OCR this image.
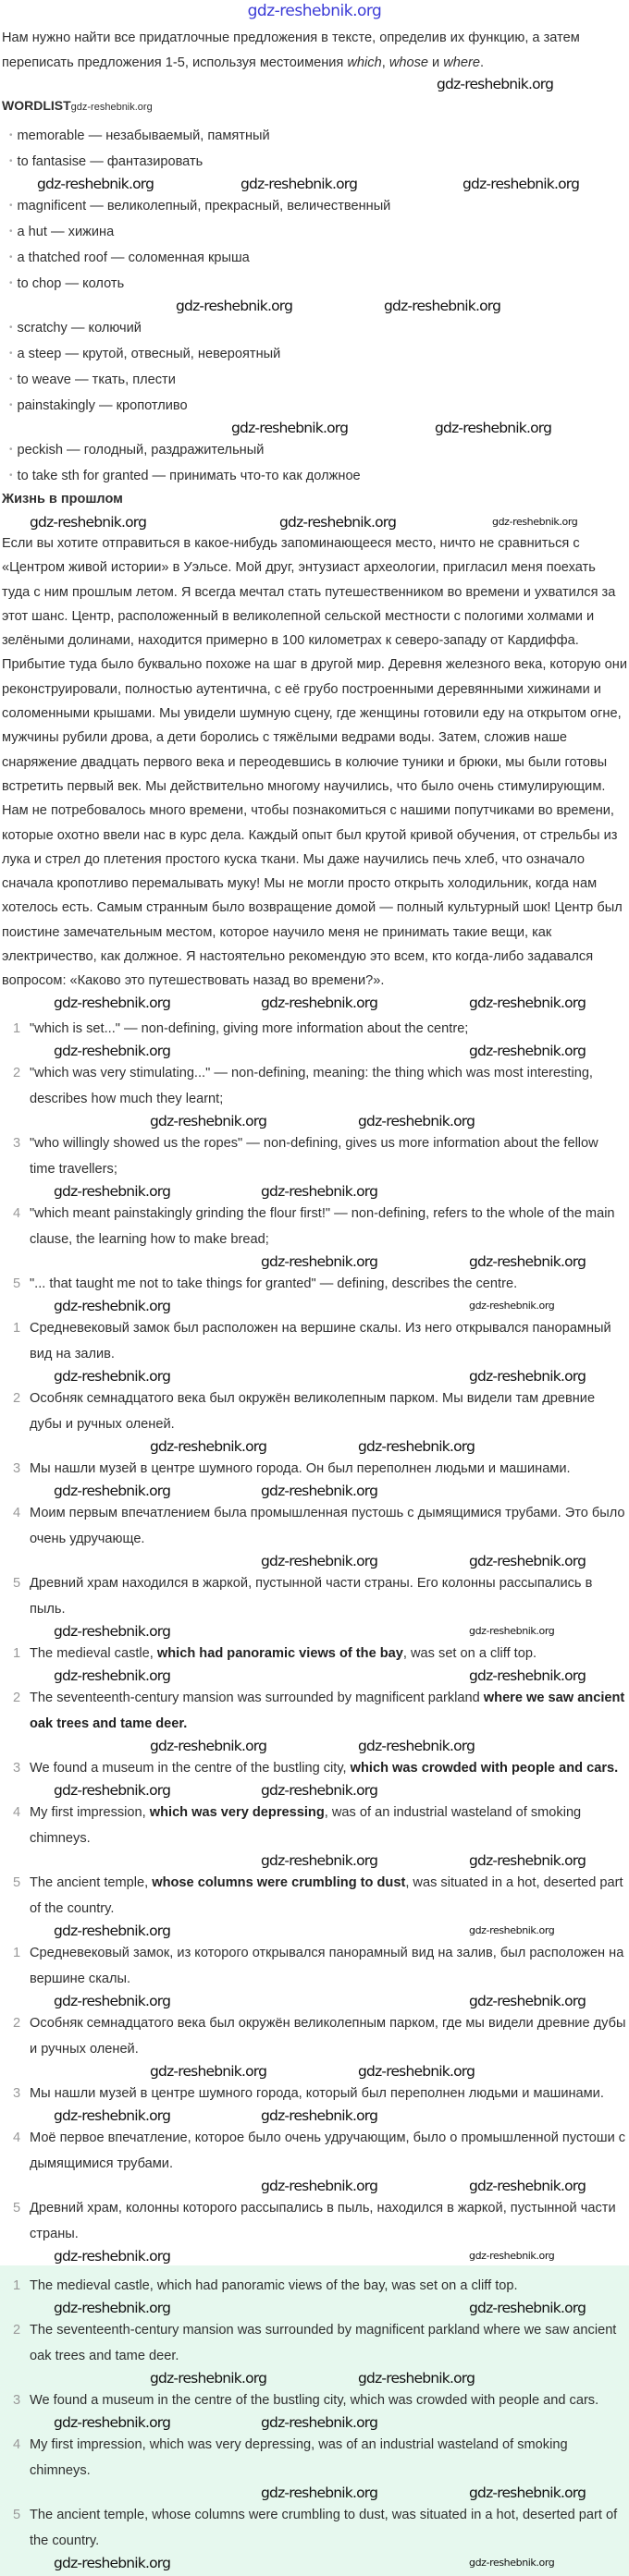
gdz-reshebnik.org

Нам нужно найти все придатлочные предложения в тексте, определив их функцию, а затем переписать предложения 1-5, используя местоимения which, whose и where.

gdz-reshebnik.org
WORDLISTgdz-reshebnik.org
• memorable — незабываемый, памятный
• to fantasise — фантазировать
gdz-reshebnik.org	gdz-reshebnik.org	gdz-reshebnik.org
• magnificent — великолепный, прекрасный, величественный
• a hut — хижина
• a thatched roof — соломенная крыша
• to chop — колоть
gdz-reshebnik.org	gdz-reshebnik.org
• scratchy — колючий
• a steep — крутой, отвесный, невероятный
• to weave — ткать, плести
• painstakingly — кропотливо
gdz-reshebnik.org	gdz-reshebnik.org
• peckish — голодный, раздражительный
• to take sth for granted — принимать что-то как должное
Жизнь в прошлом
gdz-reshebnik.org	gdz-reshebnik.org	gdz-reshebnik.org

Если вы хотите отправиться в какое-нибудь запоминающееся место, ничто не сравниться с «Центром живой истории» в Уэльсе. Мой друг, энтузиаст археологии, пригласил меня поехать туда с ним прошлым летом. Я всегда мечтал стать путешественником во времени и ухватился за этот шанс. Центр, расположенный в великолепной сельской местности с пологими холмами и зелёными долинами, находится примерно в 100 километрах к северо-западу от Кардиффа. Прибытие туда было буквально похоже на шаг в другой мир. Деревня железного века, которую они реконструировали, полностью аутентична, с её грубо построенными деревянными хижинами и соломенными крышами. Мы увидели шумную сцену, где женщины готовили еду на открытом огне, мужчины рубили дрова, а дети боролись с тяжёлыми ведрами воды. Затем, сложив наше снаряжение двадцать первого века и переодевшись в колючие туники и брюки, мы были готовы встретить первый век. Мы действительно многому научились, что было очень стимулирующим. Нам не потребовалось много времени, чтобы познакомиться с нашими попутчиками во времени, которые охотно ввели нас в курс дела. Каждый опыт был крутой кривой обучения, от стрельбы из лука и стрел до плетения простого куска ткани. Мы даже научились печь хлеб, что означало сначала кропотливо перемалывать муку! Мы не могли просто открыть холодильник, когда нам хотелось есть. Самым странным было возвращение домой — полный культурный шок! Центр был поистине замечательным местом, которое научило меня не принимать такие вещи, как электричество, как должное. Я настоятельно рекомендую это всем, кто когда-либо задавался вопросом: «Каково это путешествовать назад во времени?».

gdz-reshebnik.org	gdz-reshebnik.org	gdz-reshebnik.org
1 "which is set..." — non-defining, giving more information about the centre;
gdz-reshebnik.org	gdz-reshebnik.org
2 "which was very stimulating..." — non-defining, meaning: the thing which was most interesting, describes how much they learnt;
gdz-reshebnik.org	gdz-reshebnik.org
3 "who willingly showed us the ropes" — non-defining, gives us more information about the fellow time travellers;
gdz-reshebnik.org	gdz-reshebnik.org
4 "which meant painstakingly grinding the flour first!" — non-defining, refers to the whole of the main clause, the learning how to make bread;
gdz-reshebnik.org	gdz-reshebnik.org
5 "... that taught me not to take things for granted" — defining, describes the centre.
gdz-reshebnik.org	gdz-reshebnik.org
1 Средневековый замок был расположен на вершине скалы. Из него открывался панорамный вид на залив.
gdz-reshebnik.org	gdz-reshebnik.org
2 Особняк семнадцатого века был окружён великолепным парком. Мы видели там древние дубы и ручных оленей.
gdz-reshebnik.org	gdz-reshebnik.org
3 Мы нашли музей в центре шумного города. Он был переполнен людьми и машинами.
gdz-reshebnik.org	gdz-reshebnik.org
4 Моим первым впечатлением была промышленная пустошь с дымящимися трубами. Это было очень удручающе.
gdz-reshebnik.org	gdz-reshebnik.org
5 Древний храм находился в жаркой, пустынной части страны. Его колонны рассыпались в пыль.
gdz-reshebnik.org	gdz-reshebnik.org
1 The medieval castle, which had panoramic views of the bay, was set on a cliff top.
gdz-reshebnik.org	gdz-reshebnik.org
2 The seventeenth-century mansion was surrounded by magnificent parkland where we saw ancient oak trees and tame deer.
gdz-reshebnik.org	gdz-reshebnik.org
3 We found a museum in the centre of the bustling city, which was crowded with people and cars.
gdz-reshebnik.org	gdz-reshebnik.org
4 My first impression, which was very depressing, was of an industrial wasteland of smoking chimneys.
gdz-reshebnik.org	gdz-reshebnik.org
5 The ancient temple, whose columns were crumbling to dust, was situated in a hot, deserted part of the country.
gdz-reshebnik.org	gdz-reshebnik.org
1 Средневековый замок, из которого открывался панорамный вид на залив, был расположен на вершине скалы.
gdz-reshebnik.org	gdz-reshebnik.org
2 Особняк семнадцатого века был окружён великолепным парком, где мы видели древние дубы и ручных оленей.
gdz-reshebnik.org	gdz-reshebnik.org
3 Мы нашли музей в центре шумного города, который был переполнен людьми и машинами.
gdz-reshebnik.org	gdz-reshebnik.org
4 Моё первое впечатление, которое было очень удручающим, было о промышленной пустоши с дымящимися трубами.
gdz-reshebnik.org	gdz-reshebnik.org
5 Древний храм, колонны которого рассыпались в пыль, находился в жаркой, пустынной части страны.
gdz-reshebnik.org	gdz-reshebnik.org
1 The medieval castle, which had panoramic views of the bay, was set on a cliff top.
gdz-reshebnik.org	gdz-reshebnik.org
2 The seventeenth-century mansion was surrounded by magnificent parkland where we saw ancient oak trees and tame deer.
gdz-reshebnik.org	gdz-reshebnik.org
3 We found a museum in the centre of the bustling city, which was crowded with people and cars.
gdz-reshebnik.org	gdz-reshebnik.org
4 My first impression, which was very depressing, was of an industrial wasteland of smoking chimneys.
gdz-reshebnik.org	gdz-reshebnik.org
5 The ancient temple, whose columns were crumbling to dust, was situated in a hot, deserted part of the country.
gdz-reshebnik.org	gdz-reshebnik.org
